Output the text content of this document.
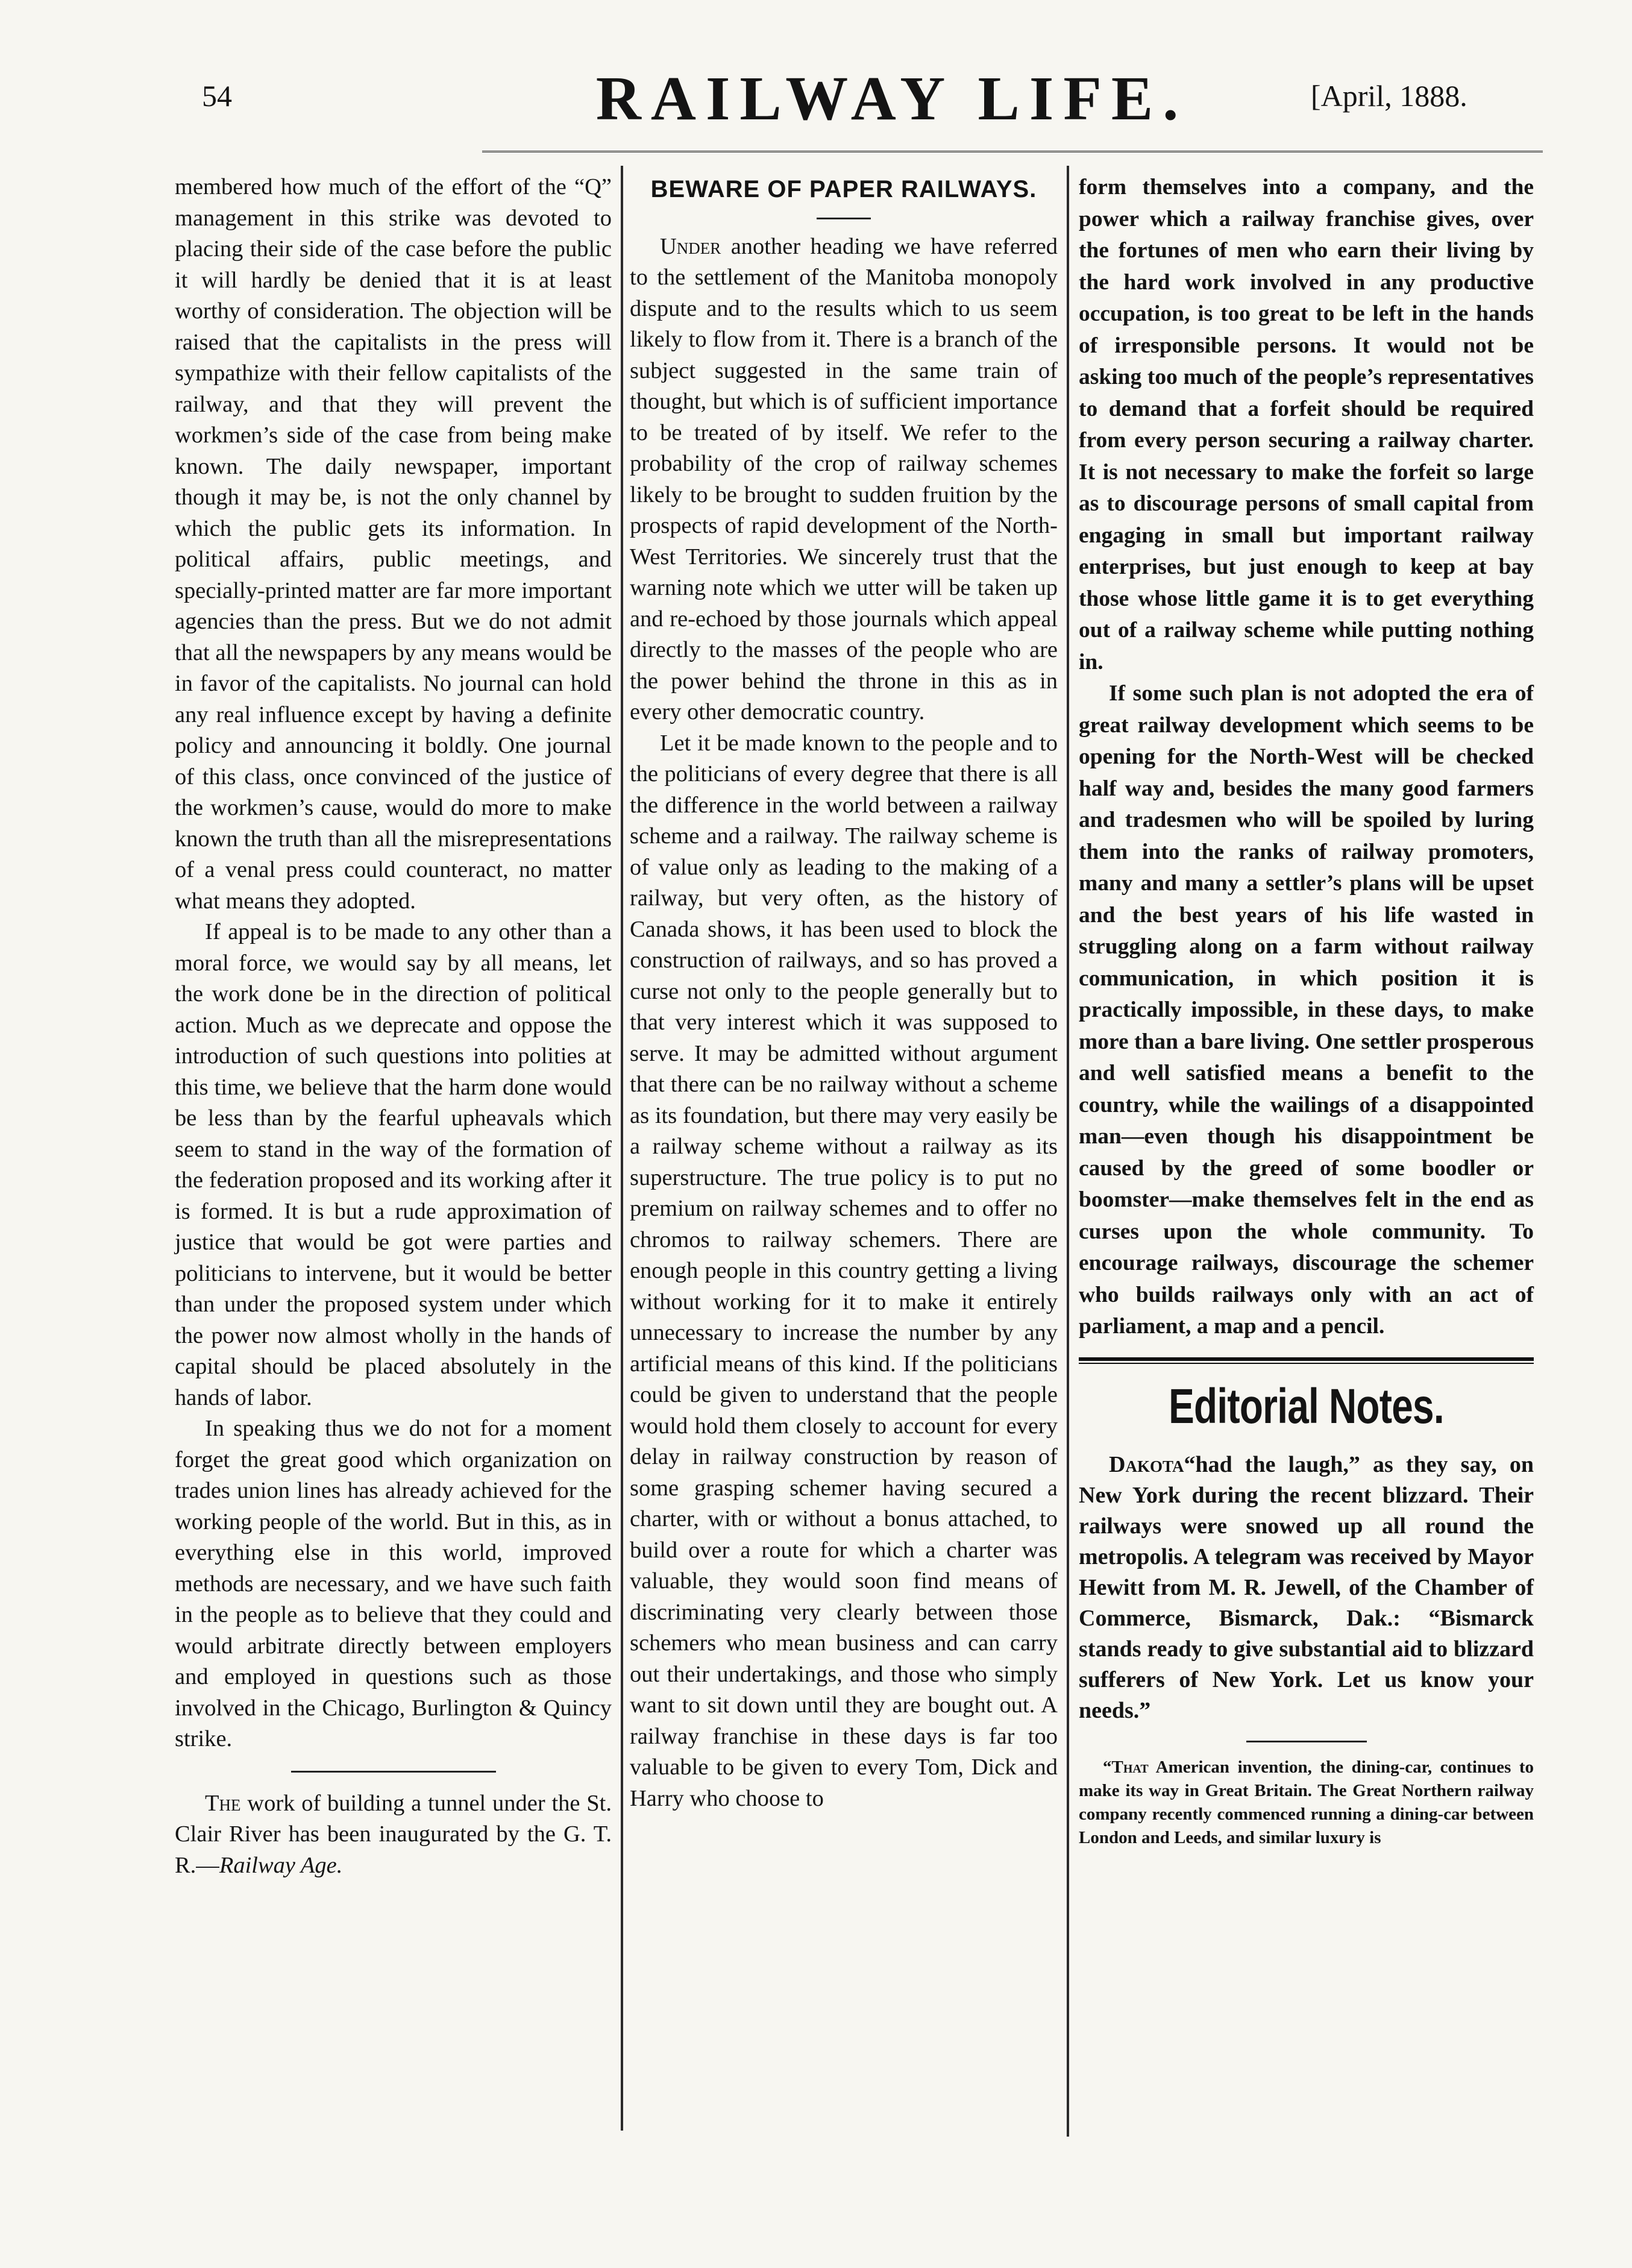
54	RAILWAY LIFE.	[April, 1888.

membered how much of the effort of the “Q” management in this strike was devoted to placing their side of the case before the public it will hardly be denied that it is at least worthy of consideration. The objection will be raised that the capitalists in the press will sympathize with their fellow capitalists of the railway, and that they will prevent the workmen’s side of the case from being make known. The daily newspaper, important though it may be, is not the only channel by which the public gets its information. In political affairs, public meetings, and specially-printed matter are far more important agencies than the press. But we do not admit that all the newspapers by any means would be in favor of the capitalists. No journal can hold any real influence except by having a definite policy and announcing it boldly. One journal of this class, once convinced of the justice of the workmen’s cause, would do more to make known the truth than all the misrepresentations of a venal press could counteract, no matter what means they adopted.

If appeal is to be made to any other than a moral force, we would say by all means, let the work done be in the direction of political action. Much as we deprecate and oppose the introduction of such questions into polities at this time, we believe that the harm done would be less than by the fearful upheavals which seem to stand in the way of the formation of the federation proposed and its working after it is formed. It is but a rude approximation of justice that would be got were parties and politicians to intervene, but it would be better than under the proposed system under which the power now almost wholly in the hands of capital should be placed absolutely in the hands of labor.

In speaking thus we do not for a moment forget the great good which organization on trades union lines has already achieved for the working people of the world. But in this, as in everything else in this world, improved methods are necessary, and we have such faith in the people as to believe that they could and would arbitrate directly between employers and employed in questions such as those involved in the Chicago, Burlington & Quincy strike.

The work of building a tunnel under the St. Clair River has been inaugurated by the G. T. R.—Railway Age.

BEWARE OF PAPER RAILWAYS.

Under another heading we have referred to the settlement of the Manitoba monopoly dispute and to the results which to us seem likely to flow from it. There is a branch of the subject suggested in the same train of thought, but which is of sufficient importance to be treated of by itself. We refer to the probability of the crop of railway schemes likely to be brought to sudden fruition by the prospects of rapid development of the North-West Territories. We sincerely trust that the warning note which we utter will be taken up and re-echoed by those journals which appeal directly to the masses of the people who are the power behind the throne in this as in every other democratic country.

Let it be made known to the people and to the politicians of every degree that there is all the difference in the world between a railway scheme and a railway. The railway scheme is of value only as leading to the making of a railway, but very often, as the history of Canada shows, it has been used to block the construction of railways, and so has proved a curse not only to the people generally but to that very interest which it was supposed to serve. It may be admitted without argument that there can be no railway without a scheme as its foundation, but there may very easily be a railway scheme without a railway as its superstructure. The true policy is to put no premium on railway schemes and to offer no chromos to railway schemers. There are enough people in this country getting a living without working for it to make it entirely unnecessary to increase the number by any artificial means of this kind. If the politicians could be given to understand that the people would hold them closely to account for every delay in railway construction by reason of some grasping schemer having secured a charter, with or without a bonus attached, to build over a route for which a charter was valuable, they would soon find means of discriminating very clearly between those schemers who mean business and can carry out their undertakings, and those who simply want to sit down until they are bought out. A railway franchise in these days is far too valuable to be given to every Tom, Dick and Harry who choose to

form themselves into a company, and the power which a railway franchise gives, over the fortunes of men who earn their living by the hard work involved in any productive occupation, is too great to be left in the hands of irresponsible persons. It would not be asking too much of the people’s representatives to demand that a forfeit should be required from every person securing a railway charter. It is not necessary to make the forfeit so large as to discourage persons of small capital from engaging in small but important railway enterprises, but just enough to keep at bay those whose little game it is to get everything out of a railway scheme while putting nothing in.

If some such plan is not adopted the era of great railway development which seems to be opening for the North-West will be checked half way and, besides the many good farmers and tradesmen who will be spoiled by luring them into the ranks of railway promoters, many and many a settler’s plans will be upset and the best years of his life wasted in struggling along on a farm without railway communication, in which position it is practically impossible, in these days, to make more than a bare living. One settler prosperous and well satisfied means a benefit to the country, while the wailings of a disappointed man—even though his disappointment be caused by the greed of some boodler or boomster—make themselves felt in the end as curses upon the whole community. To encourage railways, discourage the schemer who builds railways only with an act of parliament, a map and a pencil.

Editorial Notes.

Dakota“had the laugh,” as they say, on New York during the recent blizzard. Their railways were snowed up all round the metropolis. A telegram was received by Mayor Hewitt from M. R. Jewell, of the Chamber of Commerce, Bismarck, Dak.: “Bismarck stands ready to give substantial aid to blizzard sufferers of New York. Let us know your needs.”

“That American invention, the dining-car, continues to make its way in Great Britain. The Great Northern railway company recently commenced running a dining-car between London and Leeds, and similar luxury is
